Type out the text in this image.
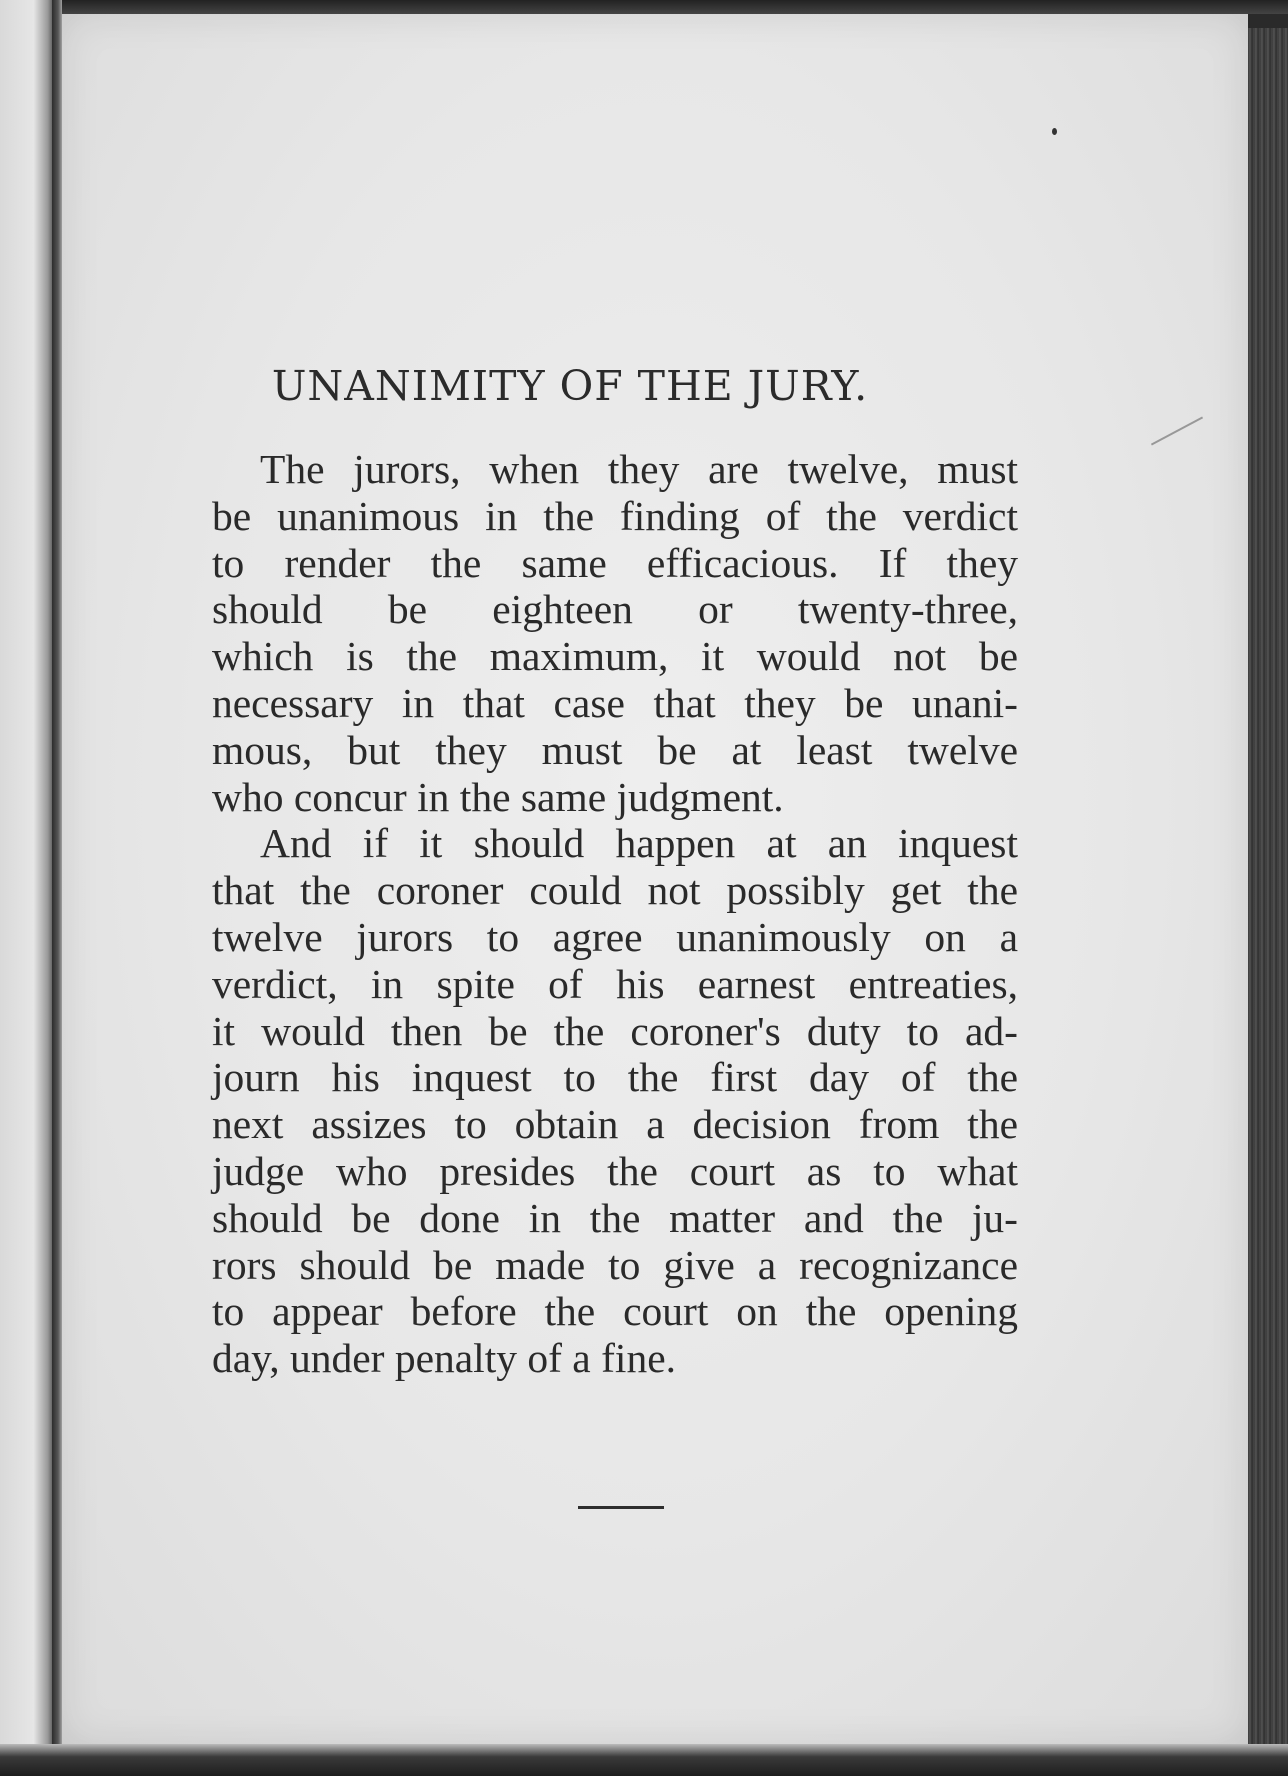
UNANIMITY OF THE JURY.

The jurors, when they are twelve, must
be unanimous in the finding of the verdict
to render the same efficacious. If they
should be eighteen or twenty-three,
which is the maximum, it would not be
necessary in that case that they be unani-
mous, but they must be at least twelve
who concur in the same judgment.

And if it should happen at an inquest
that the coroner could not possibly get the
twelve jurors to agree unanimously on a
verdict, in spite of his earnest entreaties,
it would then be the coroner's duty to ad-
journ his inquest to the first day of the
next assizes to obtain a decision from the
judge who presides the court as to what
should be done in the matter and the ju-
rors should be made to give a recognizance
to appear before the court on the opening
day, under penalty of a fine.
